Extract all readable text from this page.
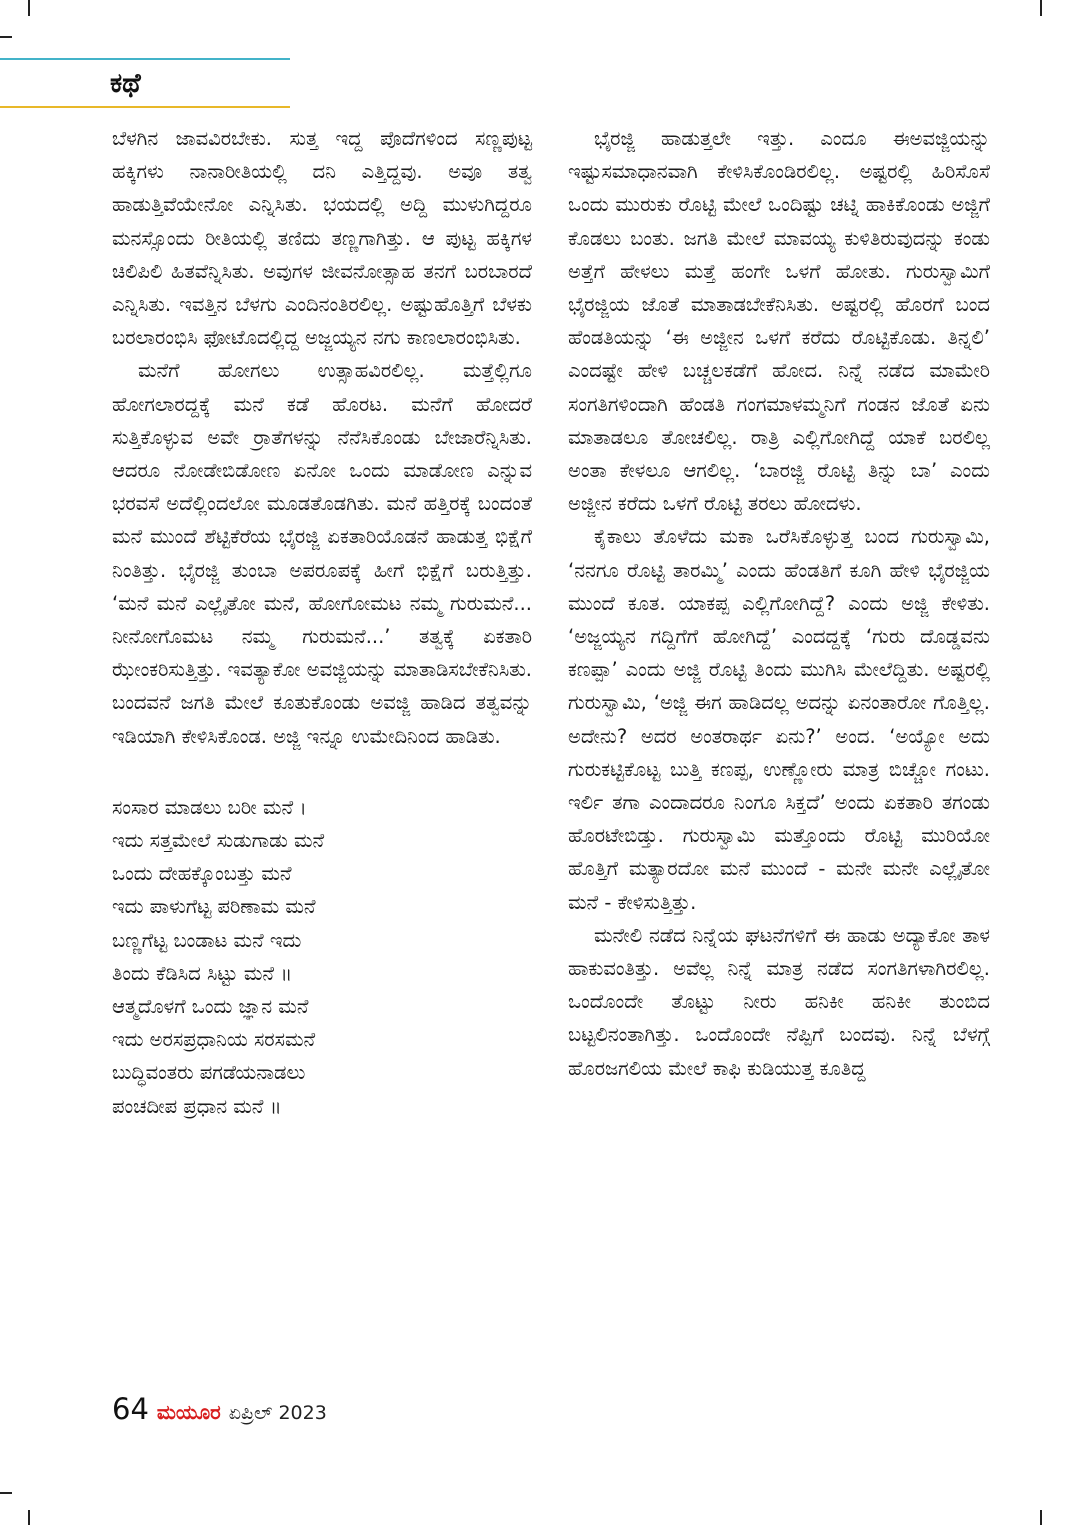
ಕಥೆ

ಬೆಳಗಿನ ಜಾವವಿರಬೇಕು. ಸುತ್ತ ಇದ್ದ ಪೊದೆಗಳಿಂದ ಸಣ್ಣಪುಟ್ಟ ಹಕ್ಕಿಗಳು ನಾನಾರೀತಿಯಲ್ಲಿ ದನಿ ಎತ್ತಿದ್ದವು. ಅವೂ ತತ್ವ ಹಾಡುತ್ತಿವೆಯೇನೋ ಎನ್ನಿಸಿತು. ಭಯದಲ್ಲಿ ಅದ್ದಿ ಮುಳುಗಿದ್ದರೂ ಮನಸ್ಸೊಂದು ರೀತಿಯಲ್ಲಿ ತಣಿದು ತಣ್ಣಗಾಗಿತ್ತು. ಆ ಪುಟ್ಟ ಹಕ್ಕಿಗಳ ಚಿಲಿಪಿಲಿ ಹಿತವೆನ್ನಿಸಿತು. ಅವುಗಳ ಜೀವನೋತ್ಸಾಹ ತನಗೆ ಬರಬಾರದೆ ಎನ್ನಿಸಿತು. ಇವತ್ತಿನ ಬೆಳಗು ಎಂದಿನಂತಿರಲಿಲ್ಲ. ಅಷ್ಟುಹೊತ್ತಿಗೆ ಬೆಳಕು ಬರಲಾರಂಭಿಸಿ ಫೋಟೊದಲ್ಲಿದ್ದ ಅಜ್ಜಯ್ಯನ ನಗು ಕಾಣಲಾರಂಭಿಸಿತು.

ಮನೆಗೆ ಹೋಗಲು ಉತ್ಸಾಹವಿರಲಿಲ್ಲ. ಮತ್ತೆಲ್ಲಿಗೂ ಹೋಗಲಾರದ್ದಕ್ಕೆ ಮನೆ ಕಡೆ ಹೊರಟ. ಮನೆಗೆ ಹೋದರೆ ಸುತ್ತಿಕೊಳ್ಳುವ ಅವೇ ರ್‍ರಾತೆಗಳನ್ನು ನೆನೆಸಿಕೊಂಡು ಬೇಜಾರೆನ್ನಿಸಿತು. ಆದರೂ ನೋಡೇಬಿಡೋಣ ಏನೋ ಒಂದು ಮಾಡೋಣ ಎನ್ನುವ ಭರವಸೆ ಅದೆಲ್ಲಿಂದಲೋ ಮೂಡತೊಡಗಿತು. ಮನೆ ಹತ್ತಿರಕ್ಕೆ ಬಂದಂತೆ ಮನೆ ಮುಂದೆ ಶೆಟ್ಟಿಕೆರೆಯ ಭೈರಜ್ಜಿ ಏಕತಾರಿಯೊಡನೆ ಹಾಡುತ್ತ ಭಿಕ್ಷೆಗೆ ನಿಂತಿತ್ತು. ಭೈರಜ್ಜಿ ತುಂಬಾ ಅಪರೂಪಕ್ಕೆ ಹೀಗೆ ಭಿಕ್ಷೆಗೆ ಬರುತ್ತಿತ್ತು. ‘ಮನೆ ಮನೆ ಎಲ್ಲೈತೋ ಮನೆ, ಹೋಗೋಮಟ ನಮ್ಮ ಗುರುಮನೆ... ನೀನೋಗೊಮಟ ನಮ್ಮ ಗುರುಮನೆ...’ ತತ್ವಕ್ಕೆ ಏಕತಾರಿ ಝೇಂಕರಿಸುತ್ತಿತ್ತು. ಇವತ್ಯಾಕೋ ಅವಜ್ಜಿಯನ್ನು ಮಾತಾಡಿಸಬೇಕೆನಿಸಿತು. ಬಂದವನೆ ಜಗತಿ ಮೇಲೆ ಕೂತುಕೊಂಡು ಅವಜ್ಜಿ ಹಾಡಿದ ತತ್ವವನ್ನು ಇಡಿಯಾಗಿ ಕೇಳಿಸಿಕೊಂಡ. ಅಜ್ಜಿ ಇನ್ನೂ ಉಮೇದಿನಿಂದ ಹಾಡಿತು.

ಸಂಸಾರ ಮಾಡಲು ಬರೀ ಮನೆ ।
ಇದು ಸತ್ತಮೇಲೆ ಸುಡುಗಾಡು ಮನೆ
ಒಂದು ದೇಹಕ್ಕೊಂಬತ್ತು ಮನೆ
ಇದು ಪಾಳುಗೆಟ್ಟ ಪರಿಣಾಮ ಮನೆ
ಬಣ್ಣಗೆಟ್ಟ ಬಂಡಾಟ ಮನೆ ಇದು
ತಿಂದು ಕೆಡಿಸಿದ ಸಿಟ್ಟು ಮನೆ ॥
ಆತ್ಮದೊಳಗೆ ಒಂದು ಜ್ಞಾನ ಮನೆ
ಇದು ಅರಸಪ್ರಧಾನಿಯ ಸರಸಮನೆ
ಬುದ್ಧಿವಂತರು ಪಗಡೆಯನಾಡಲು
ಪಂಚದೀಪ ಪ್ರಧಾನ ಮನೆ ॥

ಭೈರಜ್ಜಿ ಹಾಡುತ್ತಲೇ ಇತ್ತು. ಎಂದೂ ಈಅವಜ್ಜಿಯನ್ನು ಇಷ್ಟುಸಮಾಧಾನವಾಗಿ ಕೇಳಿಸಿಕೊಂಡಿರಲಿಲ್ಲ. ಅಷ್ಟರಲ್ಲಿ ಹಿರಿಸೊಸೆ ಒಂದು ಮುರುಕು ರೊಟ್ಟಿ ಮೇಲೆ ಒಂದಿಷ್ಟು ಚಟ್ನಿ ಹಾಕಿಕೊಂಡು ಅಜ್ಜಿಗೆ ಕೊಡಲು ಬಂತು. ಜಗತಿ ಮೇಲೆ ಮಾವಯ್ಯ ಕುಳಿತಿರುವುದನ್ನು ಕಂಡು ಅತ್ತೆಗೆ ಹೇಳಲು ಮತ್ತೆ ಹಂಗೇ ಒಳಗೆ ಹೋತು. ಗುರುಸ್ವಾಮಿಗೆ ಭೈರಜ್ಜಿಯ ಜೊತೆ ಮಾತಾಡಬೇಕೆನಿಸಿತು. ಅಷ್ಟರಲ್ಲಿ ಹೊರಗೆ ಬಂದ ಹೆಂಡತಿಯನ್ನು ‘ಈ ಅಜ್ಜೀನ ಒಳಗೆ ಕರೆದು ರೊಟ್ಟಿಕೊಡು. ತಿನ್ನಲಿ’ ಎಂದಷ್ಟೇ ಹೇಳಿ ಬಚ್ಚಲಕಡೆಗೆ ಹೋದ. ನಿನ್ನೆ ನಡೆದ ಮಾಮೇರಿ ಸಂಗತಿಗಳಿಂದಾಗಿ ಹೆಂಡತಿ ಗಂಗಮಾಳಮ್ಮನಿಗೆ ಗಂಡನ ಜೊತೆ ಏನು ಮಾತಾಡಲೂ ತೋಚಲಿಲ್ಲ. ರಾತ್ರಿ ಎಲ್ಲಿಗೋಗಿದ್ದೆ ಯಾಕೆ ಬರಲಿಲ್ಲ ಅಂತಾ ಕೇಳಲೂ ಆಗಲಿಲ್ಲ. ‘ಬಾರಜ್ಜಿ ರೊಟ್ಟಿ ತಿನ್ನು ಬಾ’ ಎಂದು ಅಜ್ಜೀನ ಕರೆದು ಒಳಗೆ ರೊಟ್ಟಿ ತರಲು ಹೋದಳು.

ಕೈಕಾಲು ತೊಳೆದು ಮಕಾ ಒರೆಸಿಕೊಳ್ಳುತ್ತ ಬಂದ ಗುರುಸ್ವಾಮಿ, ‘ನನಗೂ ರೊಟ್ಟಿ ತಾರಮ್ಮಿ’ ಎಂದು ಹೆಂಡತಿಗೆ ಕೂಗಿ ಹೇಳಿ ಭೈರಜ್ಜಿಯ ಮುಂದೆ ಕೂತ. ಯಾಕಪ್ಪ ಎಲ್ಲಿಗೋಗಿದ್ದೆ? ಎಂದು ಅಜ್ಜಿ ಕೇಳಿತು. ‘ಅಜ್ಜಯ್ಯನ ಗದ್ದಿಗೆಗೆ ಹೋಗಿದ್ದೆ’ ಎಂದದ್ದಕ್ಕೆ ‘ಗುರು ದೊಡ್ಡವನು ಕಣಪ್ಪಾ’ ಎಂದು ಅಜ್ಜಿ ರೊಟ್ಟಿ ತಿಂದು ಮುಗಿಸಿ ಮೇಲೆದ್ದಿತು. ಅಷ್ಟರಲ್ಲಿ ಗುರುಸ್ವಾಮಿ, ‘ಅಜ್ಜಿ ಈಗ ಹಾಡಿದಲ್ಲ ಅದನ್ನು ಏನಂತಾರೋ ಗೊತ್ತಿಲ್ಲ. ಅದೇನು? ಅದರ ಅಂತರಾರ್ಥ ಏನು?’ ಅಂದ. ‘ಅಯ್ಯೋ ಅದು ಗುರುಕಟ್ಟಿಕೊಟ್ಟ ಬುತ್ತಿ ಕಣಪ್ಪ, ಉಣ್ಣೋರು ಮಾತ್ರ ಬಿಚ್ಚೋ ಗಂಟು. ಇರ್ಲಿ ತಗಾ ಎಂದಾದರೂ ನಿಂಗೂ ಸಿಕ್ತದೆ’ ಅಂದು ಏಕತಾರಿ ತಗಂಡು ಹೊರಟೇಬಿಡ್ತು. ಗುರುಸ್ವಾಮಿ ಮತ್ತೊಂದು ರೊಟ್ಟಿ ಮುರಿಯೋ ಹೊತ್ತಿಗೆ ಮತ್ಯಾರದೋ ಮನೆ ಮುಂದೆ - ಮನೇ ಮನೇ ಎಲ್ಲೈತೋ ಮನೆ - ಕೇಳಿಸುತ್ತಿತ್ತು.

ಮನೇಲಿ ನಡೆದ ನಿನ್ನೆಯ ಘಟನೆಗಳಿಗೆ ಈ ಹಾಡು ಅದ್ಯಾಕೋ ತಾಳ ಹಾಕುವಂತಿತ್ತು. ಅವೆಲ್ಲ ನಿನ್ನೆ ಮಾತ್ರ ನಡೆದ ಸಂಗತಿಗಳಾಗಿರಲಿಲ್ಲ. ಒಂದೊಂದೇ ತೊಟ್ಟು ನೀರು ಹನಿಕೀ ಹನಿಕೀ ತುಂಬಿದ ಬಟ್ಟಲಿನಂತಾಗಿತ್ತು. ಒಂದೊಂದೇ ನೆಪ್ಪಿಗೆ ಬಂದವು. ನಿನ್ನೆ ಬೆಳಗ್ಗೆ ಹೊರಜಗಲಿಯ ಮೇಲೆ ಕಾಫಿ ಕುಡಿಯುತ್ತ ಕೂತಿದ್ದ

64 ಮಯೂರ ಏಪ್ರಿಲ್ 2023
